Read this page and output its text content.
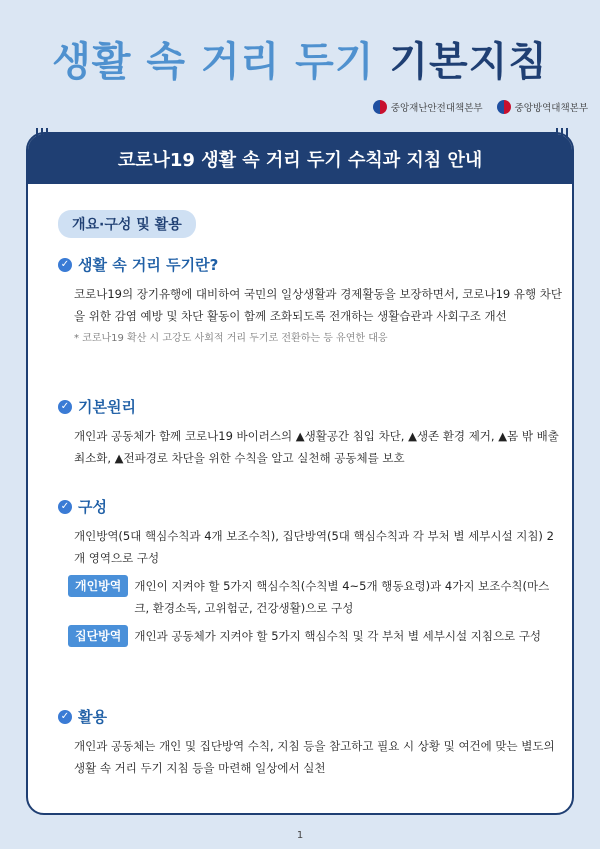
생활 속 거리 두기 기본지침
중앙재난안전대책본부	중앙방역대책본부
코로나19 생활 속 거리 두기 수칙과 지침 안내
개요·구성 및 활용
✓ 생활 속 거리 두기란?
코로나19의 장기유행에 대비하여 국민의 일상생활과 경제활동을 보장하면서, 코로나19 유행 차단을 위한 감염 예방 및 차단 활동이 함께 조화되도록 전개하는 생활습관과 사회구조 개선
* 코로나19 확산 시 고강도 사회적 거리 두기로 전환하는 등 유연한 대응
✓ 기본원리
개인과 공동체가 함께 코로나19 바이러스의 ▲생활공간 침입 차단, ▲생존 환경 제거, ▲몸 밖 배출 최소화, ▲전파경로 차단을 위한 수칙을 알고 실천해 공동체를 보호
✓ 구성
개인방역(5대 핵심수칙과 4개 보조수칙), 집단방역(5대 핵심수칙과 각 부처 별 세부시설 지침) 2개 영역으로 구성
개인방역	개인이 지켜야 할 5가지 핵심수칙(수칙별 4~5개 행동요령)과 4가지 보조수칙(마스크, 환경소독, 고위험군, 건강생활)으로 구성
집단방역	개인과 공동체가 지켜야 할 5가지 핵심수칙 및 각 부처 별 세부시설 지침으로 구성
✓ 활용
개인과 공동체는 개인 및 집단방역 수칙, 지침 등을 참고하고 필요 시 상황 및 여건에 맞는 별도의 생활 속 거리 두기 지침 등을 마련해 일상에서 실천
1
